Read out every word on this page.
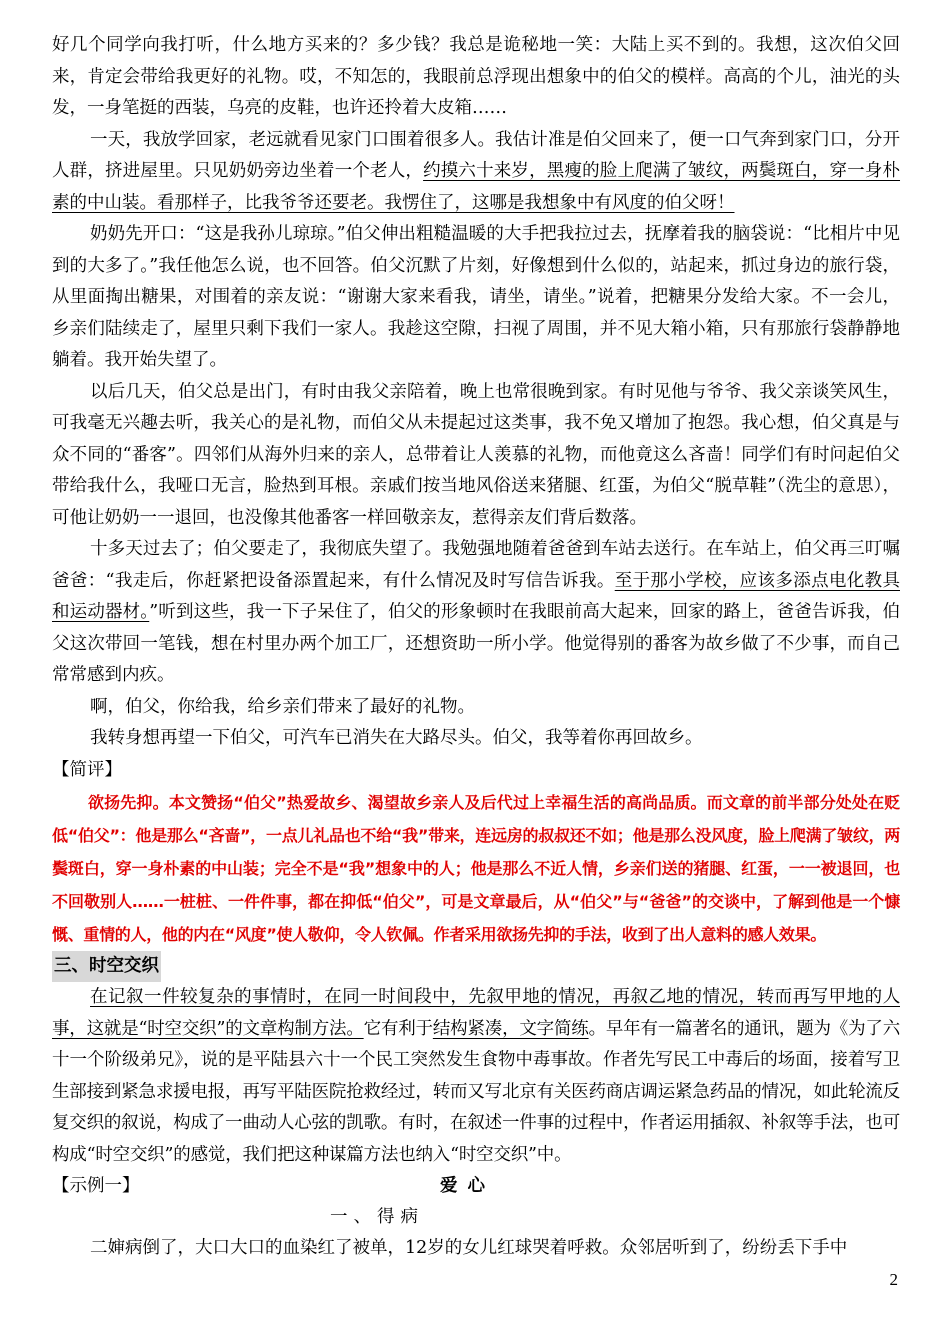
好几个同学向我打听，什么地方买来的？多少钱？我总是诡秘地一笑：大陆上买不到的。我想，这次伯父回来，肯定会带给我更好的礼物。哎，不知怎的，我眼前总浮现出想象中的伯父的模样。高高的个儿，油光的头发，一身笔挺的西装，乌亮的皮鞋，也许还拎着大皮箱……

一天，我放学回家，老远就看见家门口围着很多人。我估计准是伯父回来了，便一口气奔到家门口，分开人群，挤进屋里。只见奶奶旁边坐着一个老人，约摸六十来岁，黑瘦的脸上爬满了皱纹，两鬓斑白，穿一身朴素的中山装。看那样子，比我爷爷还要老。我愣住了，这哪是我想象中有风度的伯父呀！

奶奶先开口：“这是我孙儿琼琼。”伯父伸出粗糙温暖的大手把我拉过去，抚摩着我的脑袋说：“比相片中见到的大多了。”我任他怎么说，也不回答。伯父沉默了片刻，好像想到什么似的，站起来，抓过身边的旅行袋，从里面掏出糖果，对围着的亲友说：“谢谢大家来看我，请坐，请坐。”说着，把糖果分发给大家。不一会儿，乡亲们陆续走了，屋里只剩下我们一家人。我趁这空隙，扫视了周围，并不见大箱小箱，只有那旅行袋静静地躺着。我开始失望了。

以后几天，伯父总是出门，有时由我父亲陪着，晚上也常很晚到家。有时见他与爷爷、我父亲谈笑风生，可我毫无兴趣去听，我关心的是礼物，而伯父从未提起过这类事，我不免又增加了抱怨。我心想，伯父真是与众不同的“番客”。四邻们从海外归来的亲人，总带着让人羡慕的礼物，而他竟这么吝啬！同学们有时问起伯父带给我什么，我哑口无言，脸热到耳根。亲戚们按当地风俗送来猪腿、红蛋，为伯父“脱草鞋”（洗尘的意思），可他让奶奶一一退回，也没像其他番客一样回敬亲友，惹得亲友们背后数落。

十多天过去了；伯父要走了，我彻底失望了。我勉强地随着爸爸到车站去送行。在车站上，伯父再三叮嘱爸爸：“我走后，你赶紧把设备添置起来，有什么情况及时写信告诉我。至于那小学校，应该多添点电化教具和运动器材。”听到这些，我一下子呆住了，伯父的形象顿时在我眼前高大起来，回家的路上，爸爸告诉我，伯父这次带回一笔钱，想在村里办两个加工厂，还想资助一所小学。他觉得别的番客为故乡做了不少事，而自己常常感到内疚。

啊，伯父，你给我，给乡亲们带来了最好的礼物。

我转身想再望一下伯父，可汽车已消失在大路尽头。伯父，我等着你再回故乡。

【简评】

欲扬先抑。本文赞扬“伯父”热爱故乡、渴望故乡亲人及后代过上幸福生活的高尚品质。而文章的前半部分处处在贬低“伯父”：他是那么“吝啬”，一点儿礼品也不给“我”带来，连远房的叔叔还不如；他是那么没风度，脸上爬满了皱纹，两鬓斑白，穿一身朴素的中山装；完全不是“我”想象中的人；他是那么不近人情，乡亲们送的猪腿、红蛋，一一被退回，也不回敬别人……一桩桩、一件件事，都在抑低“伯父”，可是文章最后，从“伯父”与“爸爸”的交谈中，了解到他是一个慷慨、重情的人，他的内在“风度”使人敬仰，令人钦佩。作者采用欲扬先抑的手法，收到了出人意料的感人效果。

三、时空交织

在记叙一件较复杂的事情时，在同一时间段中，先叙甲地的情况，再叙乙地的情况，转而再写甲地的人事，这就是“时空交织”的文章构制方法。它有利于结构紧凑，文字简练。早年有一篇著名的通讯，题为《为了六十一个阶级弟兄》，说的是平陆县六十一个民工突然发生食物中毒事故。作者先写民工中毒后的场面，接着写卫生部接到紧急求援电报，再写平陆医院抢救经过，转而又写北京有关医药商店调运紧急药品的情况，如此轮流反复交织的叙说，构成了一曲动人心弦的凯歌。有时，在叙述一件事的过程中，作者运用插叙、补叙等手法，也可构成“时空交织”的感觉，我们把这种谋篇方法也纳入“时空交织”中。

【示例一】	爱心
一、得病

二婶病倒了，大口大口的血染红了被单，12岁的女儿红球哭着呼救。众邻居听到了，纷纷丢下手中

2
